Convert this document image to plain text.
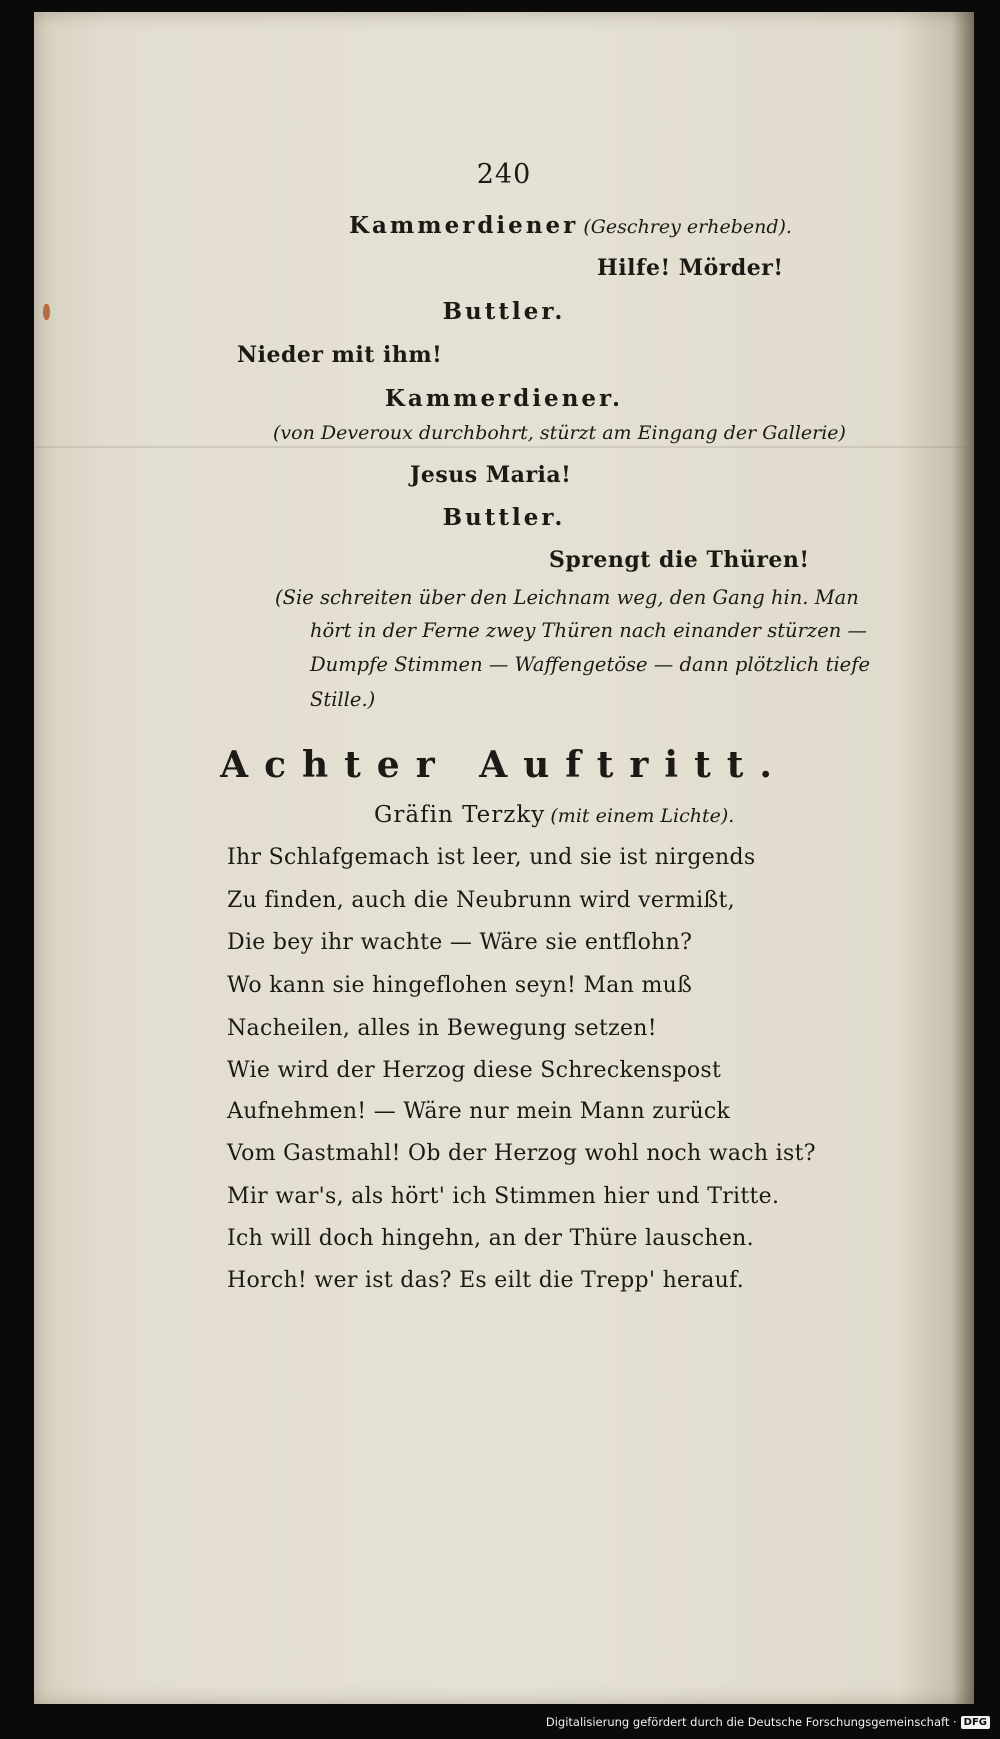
240

Kammerdiener (Geschrey erhebend).

Hilfe! Mörder!

Buttler.

Nieder mit ihm!

Kammerdiener.

(von Deveroux durchbohrt, stürzt am Eingang der Gallerie)

Jesus Maria!

Buttler.

Sprengt die Thüren!

(Sie schreiten über den Leichnam weg, den Gang hin. Man

hört in der Ferne zwey Thüren nach einander stürzen —

Dumpfe Stimmen — Waffengetöse — dann plötzlich tiefe

Stille.)

Achter Auftritt.

Gräfin Terzky (mit einem Lichte).

Ihr Schlafgemach ist leer, und sie ist nirgends

Zu finden, auch die Neubrunn wird vermißt,

Die bey ihr wachte — Wäre sie entflohn?

Wo kann sie hingeflohen seyn! Man muß

Nacheilen, alles in Bewegung setzen!

Wie wird der Herzog diese Schreckenspost

Aufnehmen! — Wäre nur mein Mann zurück

Vom Gastmahl! Ob der Herzog wohl noch wach ist?

Mir war's, als hört' ich Stimmen hier und Tritte.

Ich will doch hingehn, an der Thüre lauschen.

Horch! wer ist das? Es eilt die Trepp' herauf.

Digitalisierung gefördert durch die Deutsche Forschungsgemeinschaft · DFG
